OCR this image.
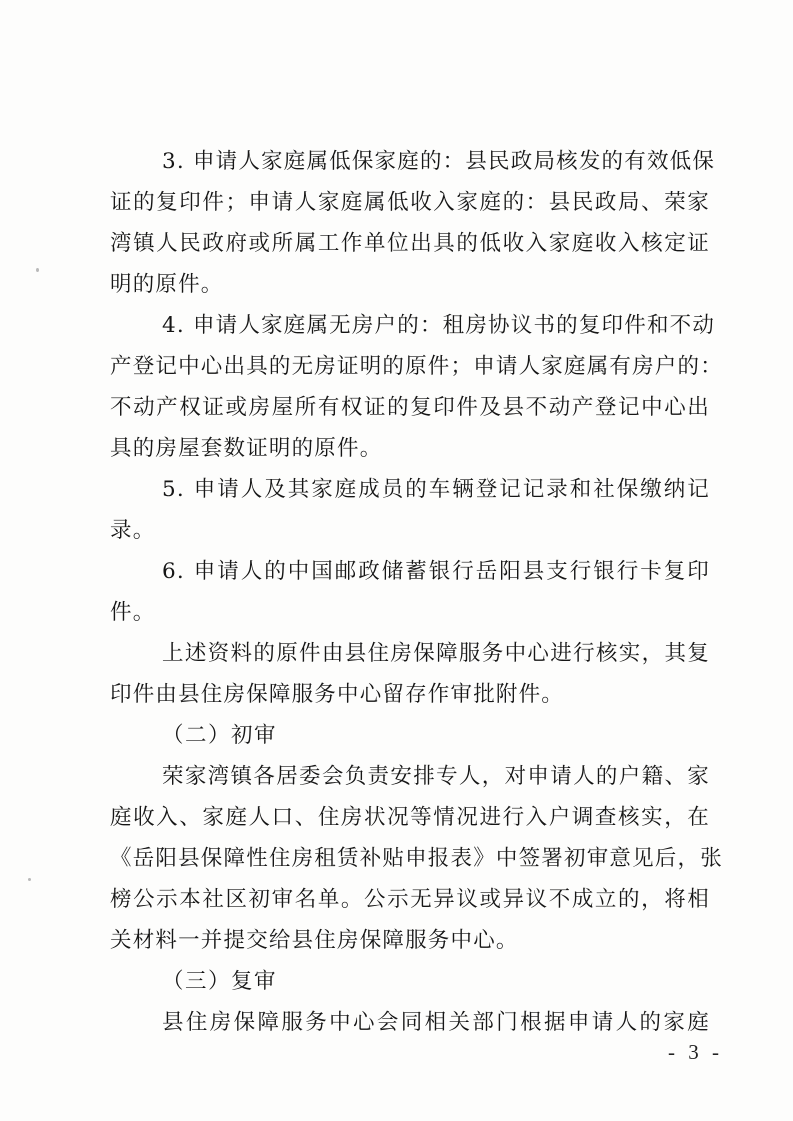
3. 申请人家庭属低保家庭的：县民政局核发的有效低保
证的复印件；申请人家庭属低收入家庭的：县民政局、荣家
湾镇人民政府或所属工作单位出具的低收入家庭收入核定证
明的原件。
4. 申请人家庭属无房户的：租房协议书的复印件和不动
产登记中心出具的无房证明的原件；申请人家庭属有房户的：
不动产权证或房屋所有权证的复印件及县不动产登记中心出
具的房屋套数证明的原件。
5. 申请人及其家庭成员的车辆登记记录和社保缴纳记
录。
6. 申请人的中国邮政储蓄银行岳阳县支行银行卡复印
件。
上述资料的原件由县住房保障服务中心进行核实，其复
印件由县住房保障服务中心留存作审批附件。
（二）初审
荣家湾镇各居委会负责安排专人，对申请人的户籍、家
庭收入、家庭人口、住房状况等情况进行入户调查核实，在
《岳阳县保障性住房租赁补贴申报表》中签署初审意见后，张
榜公示本社区初审名单。公示无异议或异议不成立的，将相
关材料一并提交给县住房保障服务中心。
（三）复审
县住房保障服务中心会同相关部门根据申请人的家庭
- 3 -
